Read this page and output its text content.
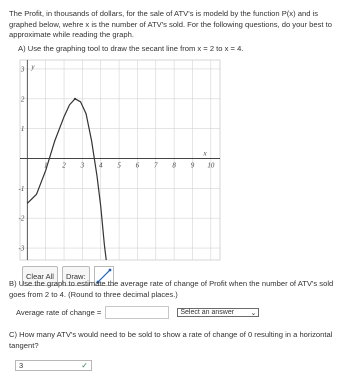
The Profit, in thousands of dollars, for the sale of ATV's is modeld by the function P(x) and is graphed below, wehre x is the number of ATV's sold. For the following questions, do your best to approximate while reading the graph.
A) Use the graphing tool to draw the secant line from x = 2 to x = 4.
1 2 3 4 5 6 7 8 9 10
3
2
1
-1
-2
-3
x
y
Clear All	Draw:
B) Use the graph to estimate the average rate of change of Profit when the number of ATV's sold goes from 2 to 4. (Round to three decimal places.)
Average rate of change =	Select an answer ⌄
C) How many ATV's would need to be sold to show a rate of change of 0 resulting in a horizontal tangent?
3	✓
